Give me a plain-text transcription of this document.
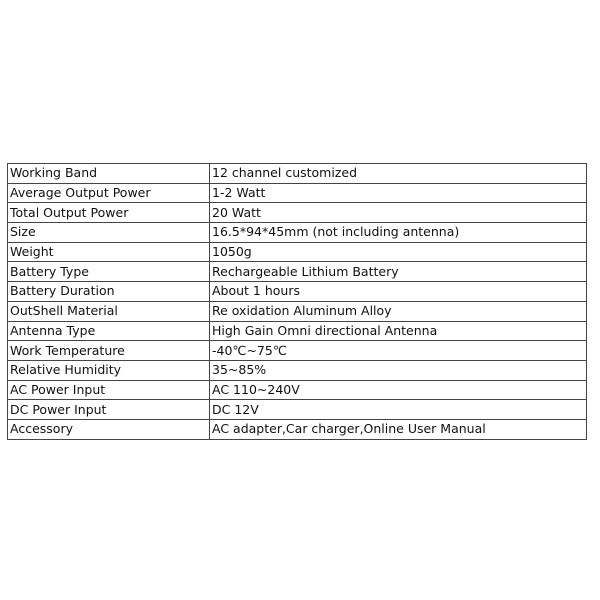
Working Band	12 channel customized
Average Output Power	1-2 Watt
Total Output Power	20 Watt
Size	16.5*94*45mm (not including antenna)
Weight	1050g
Battery Type	Rechargeable Lithium Battery
Battery Duration	About 1 hours
OutShell Material	Re oxidation Aluminum Alloy
Antenna Type	High Gain Omni directional Antenna
Work Temperature	-40℃~75℃
Relative Humidity	35~85%
AC Power Input	AC 110~240V
DC Power Input	DC 12V
Accessory	AC adapter,Car charger,Online User Manual
